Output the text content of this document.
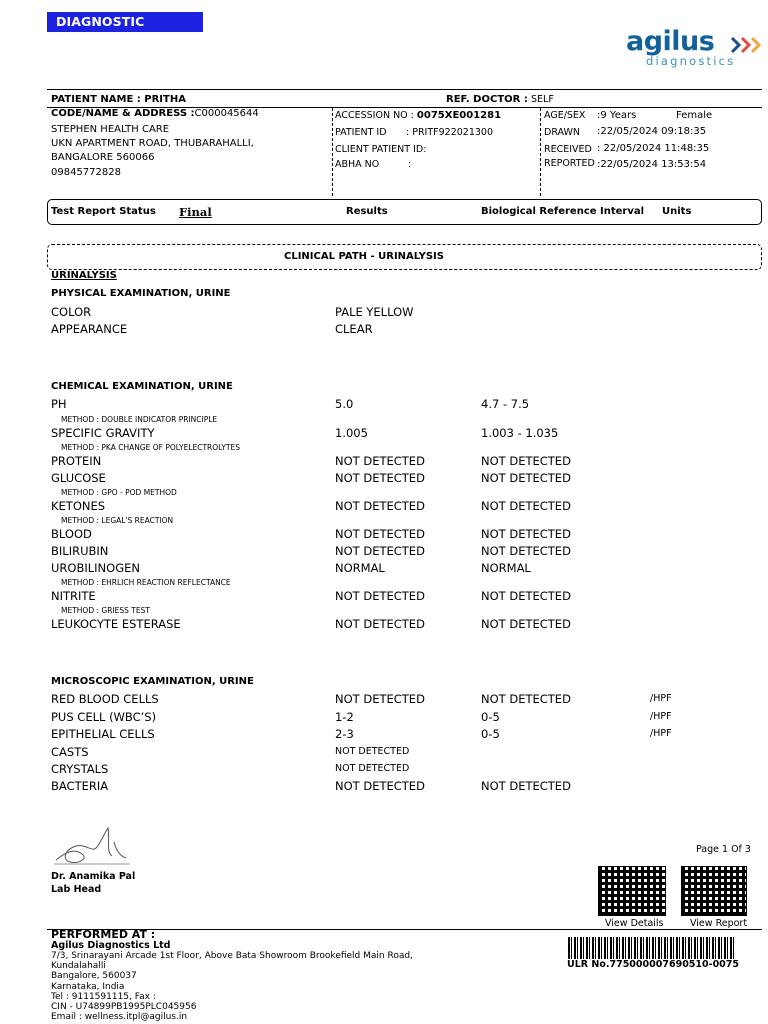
DIAGNOSTIC REPORT	agilus
diagnostics
PATIENT NAME : PRITHA	REF. DOCTOR : SELF
CODE/NAME & ADDRESS :C000045644
STEPHEN HEALTH CARE
UKN APARTMENT ROAD, THUBARAHALLI,
BANGALORE 560066
09845772828
ACCESSION NO : 0075XE001281
PATIENT ID : PRITF922021300
CLIENT PATIENT ID:
ABHA NO	:
AGE/SEX :9 Years	Female
DRAWN :22/05/2024 09:18:35
RECEIVED : 22/05/2024 11:48:35
REPORTED :22/05/2024 13:53:54
Test Report Status Final	Results	Biological Reference Interval Units
CLINICAL PATH - URINALYSIS
URINALYSIS
PHYSICAL EXAMINATION, URINE
COLOR	PALE YELLOW
APPEARANCE	CLEAR
CHEMICAL EXAMINATION, URINE
PH	5.0	4.7 - 7.5
METHOD : DOUBLE INDICATOR PRINCIPLE
SPECIFIC GRAVITY	1.005	1.003 - 1.035
METHOD : PKA CHANGE OF POLYELECTROLYTES
PROTEIN	NOT DETECTED	NOT DETECTED
GLUCOSE	NOT DETECTED	NOT DETECTED
METHOD : GPO - POD METHOD
KETONES	NOT DETECTED	NOT DETECTED
METHOD : LEGAL'S REACTION
BLOOD	NOT DETECTED	NOT DETECTED
BILIRUBIN	NOT DETECTED	NOT DETECTED
UROBILINOGEN	NORMAL	NORMAL
METHOD : EHRLICH REACTION REFLECTANCE
NITRITE	NOT DETECTED	NOT DETECTED
METHOD : GRIESS TEST
LEUKOCYTE ESTERASE	NOT DETECTED	NOT DETECTED
MICROSCOPIC EXAMINATION, URINE
RED BLOOD CELLS	NOT DETECTED	NOT DETECTED	/HPF
PUS CELL (WBC’S)	1-2	0-5	/HPF
EPITHELIAL CELLS	2-3	0-5	/HPF
CASTS	NOT DETECTED
CRYSTALS	NOT DETECTED
BACTERIA	NOT DETECTED	NOT DETECTED
Dr. Anamika Pal
Lab Head
Page 1 Of 3
View Details	View Report
PERFORMED AT :
Agilus Diagnostics Ltd
7/3, Srinarayani Arcade 1st Floor, Above Bata Showroom Brookefield Main Road,
Kundalahalli
Bangalore, 560037
Karnataka, India
Tel : 9111591115, Fax :
CIN - U74899PB1995PLC045956
Email : wellness.itpl@agilus.in
ULR No.775000007690510-0075
